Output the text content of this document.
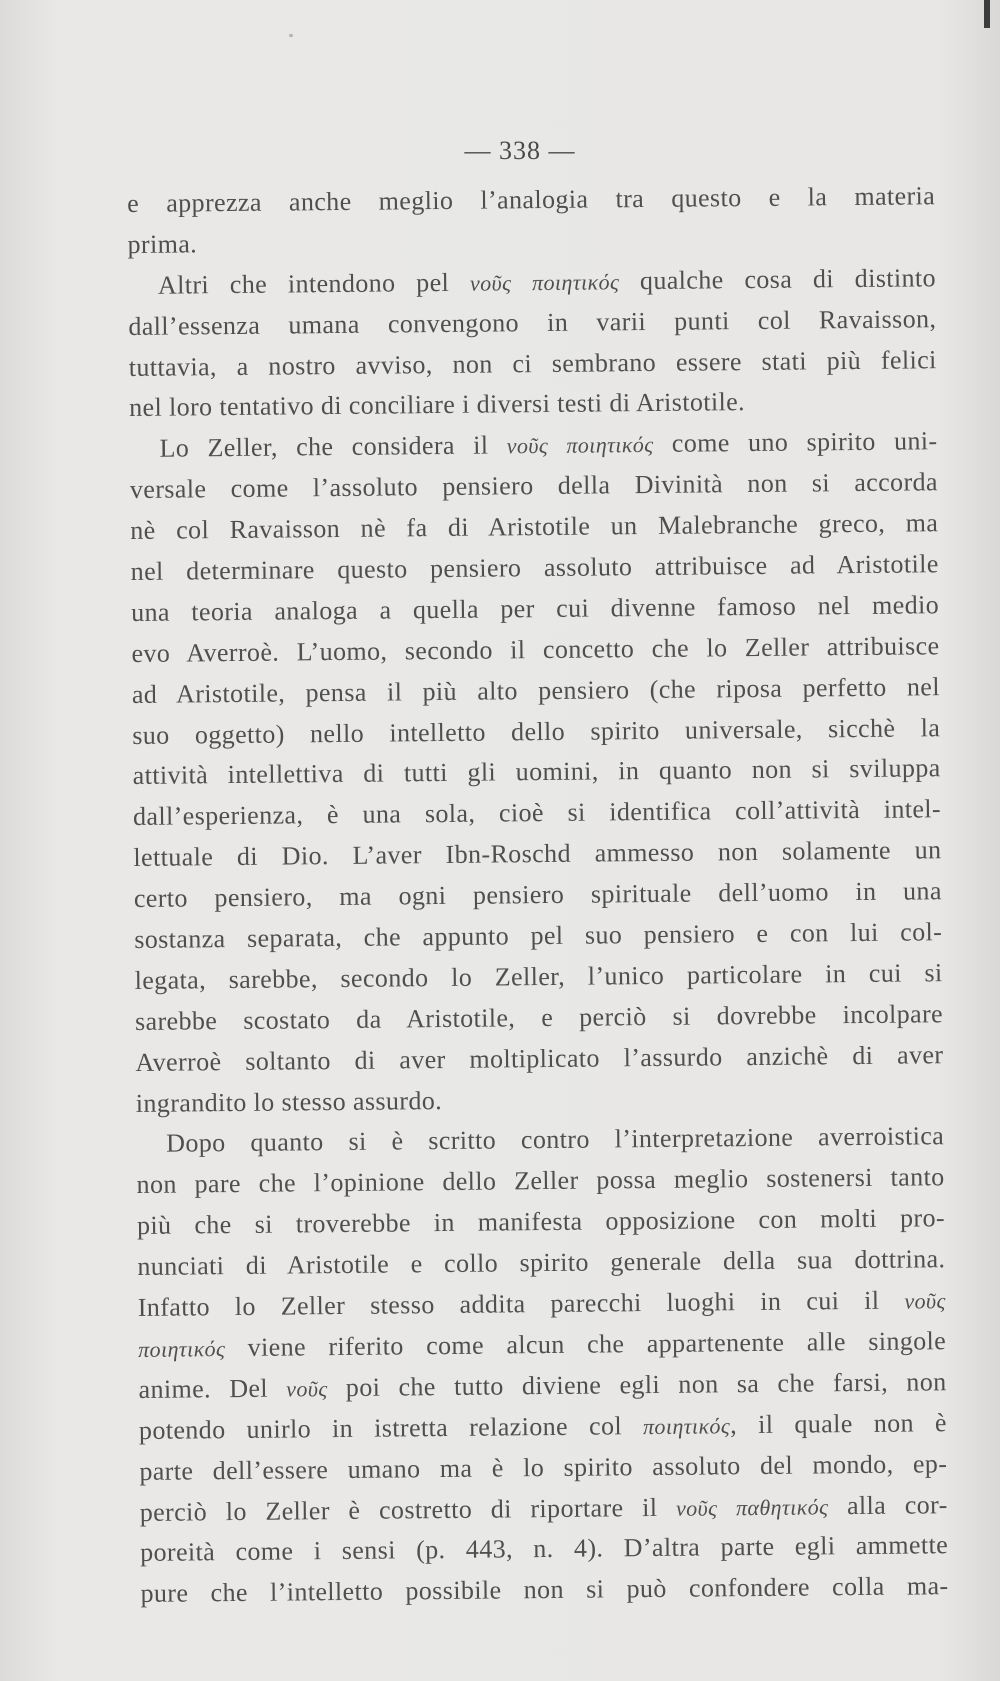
— 338 —
e apprezza anche meglio l’analogia tra questo e la materia
prima.
Altri che intendono pel νοῦς ποιητικός qualche cosa di distinto
dall’essenza umana convengono in varii punti col Ravaisson,
tuttavia, a nostro avviso, non ci sembrano essere stati più felici
nel loro tentativo di conciliare i diversi testi di Aristotile.
Lo Zeller, che considera il νοῦς ποιητικός come uno spirito uni-
versale come l’assoluto pensiero della Divinità non si accorda
nè col Ravaisson nè fa di Aristotile un Malebranche greco, ma
nel determinare questo pensiero assoluto attribuisce ad Aristotile
una teoria analoga a quella per cui divenne famoso nel medio
evo Averroè. L’uomo, secondo il concetto che lo Zeller attribuisce
ad Aristotile, pensa il più alto pensiero (che riposa perfetto nel
suo oggetto) nello intelletto dello spirito universale, sicchè la
attività intellettiva di tutti gli uomini, in quanto non si sviluppa
dall’esperienza, è una sola, cioè si identifica coll’attività intel-
lettuale di Dio. L’aver Ibn-Roschd ammesso non solamente un
certo pensiero, ma ogni pensiero spirituale dell’uomo in una
sostanza separata, che appunto pel suo pensiero e con lui col-
legata, sarebbe, secondo lo Zeller, l’unico particolare in cui si
sarebbe scostato da Aristotile, e perciò si dovrebbe incolpare
Averroè soltanto di aver moltiplicato l’assurdo anzichè di aver
ingrandito lo stesso assurdo.
Dopo quanto si è scritto contro l’interpretazione averroistica
non pare che l’opinione dello Zeller possa meglio sostenersi tanto
più che si troverebbe in manifesta opposizione con molti pro-
nunciati di Aristotile e collo spirito generale della sua dottrina.
Infatto lo Zeller stesso addita parecchi luoghi in cui il νοῦς
ποιητικός viene riferito come alcun che appartenente alle singole
anime. Del νοῦς poi che tutto diviene egli non sa che farsi, non
potendo unirlo in istretta relazione col ποιητικός, il quale non è
parte dell’essere umano ma è lo spirito assoluto del mondo, ep-
perciò lo Zeller è costretto di riportare il νοῦς παθητικός alla cor-
poreità come i sensi (p. 443, n. 4). D’altra parte egli ammette
pure che l’intelletto possibile non si può confondere colla ma-
